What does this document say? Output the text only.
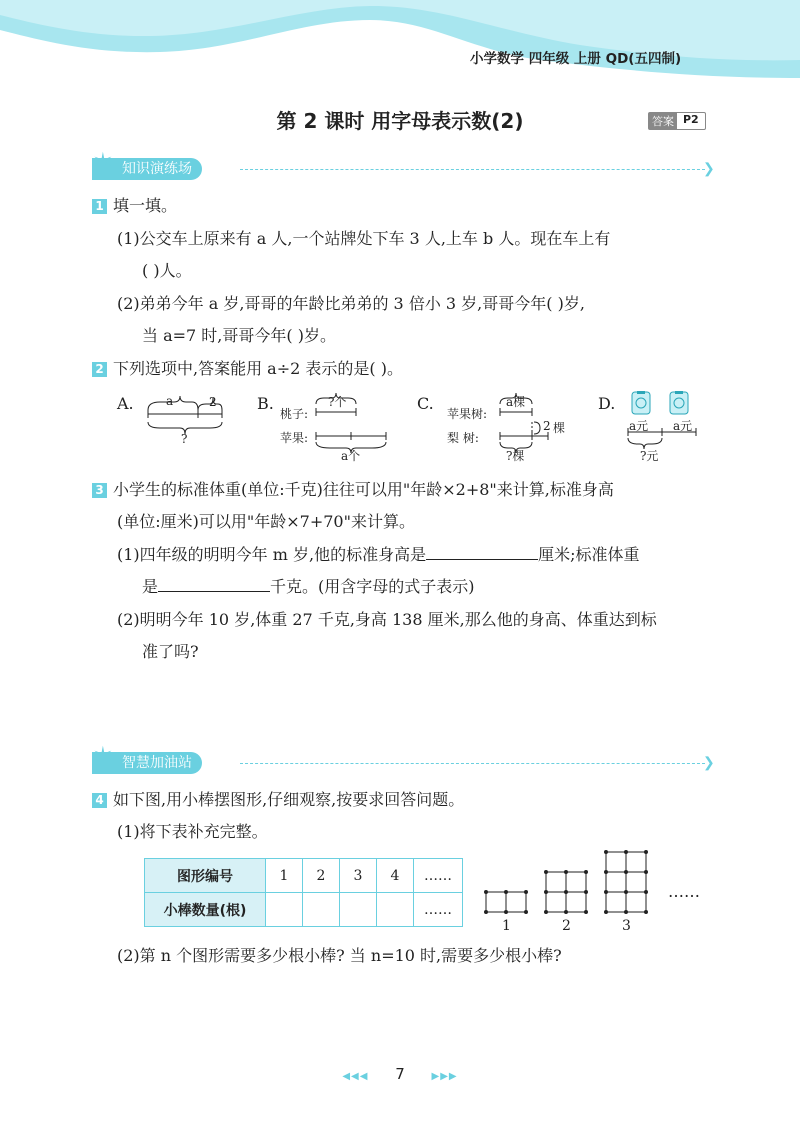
小学数学 四年级 上册 QD(五四制)
第 2 课时 用字母表示数(2)	答案 P2
✶ 知识演练场	❯
1 填一填。
(1)公交车上原来有 a 人,一个站牌处下车 3 人,上车 b 人。现在车上有
( )人。
(2)弟弟今年 a 岁,哥哥的年龄比弟弟的 3 倍小 3 岁,哥哥今年( )岁,
当 a=7 时,哥哥今年( )岁。
2 下列选项中,答案能用 a÷2 表示的是( )。
A.	a	2
?
B.
桃子:
苹果:
?个
a个
C.
苹果树:
梨 树:
a棵
2 棵
?棵
D.
a元 a元
?元
3 小学生的标准体重(单位:千克)往往可以用"年龄×2+8"来计算,标准身高
(单位:厘米)可以用"年龄×7+70"来计算。
(1)四年级的明明今年 m 岁,他的标准身高是	厘米;标准体重
是	千克。(用含字母的式子表示)
(2)明明今年 10 岁,体重 27 千克,身高 138 厘米,那么他的身高、体重达到标
准了吗?
✶ 智慧加油站	❯
4 如下图,用小棒摆图形,仔细观察,按要求回答问题。
(1)将下表补充完整。
图形编号	1	2	3	4	……
小棒数量(根)					……
1	2	3
……
(2)第 n 个图形需要多少根小棒? 当 n=10 时,需要多少根小棒?
◀◀◀ 7	▶▶▶
